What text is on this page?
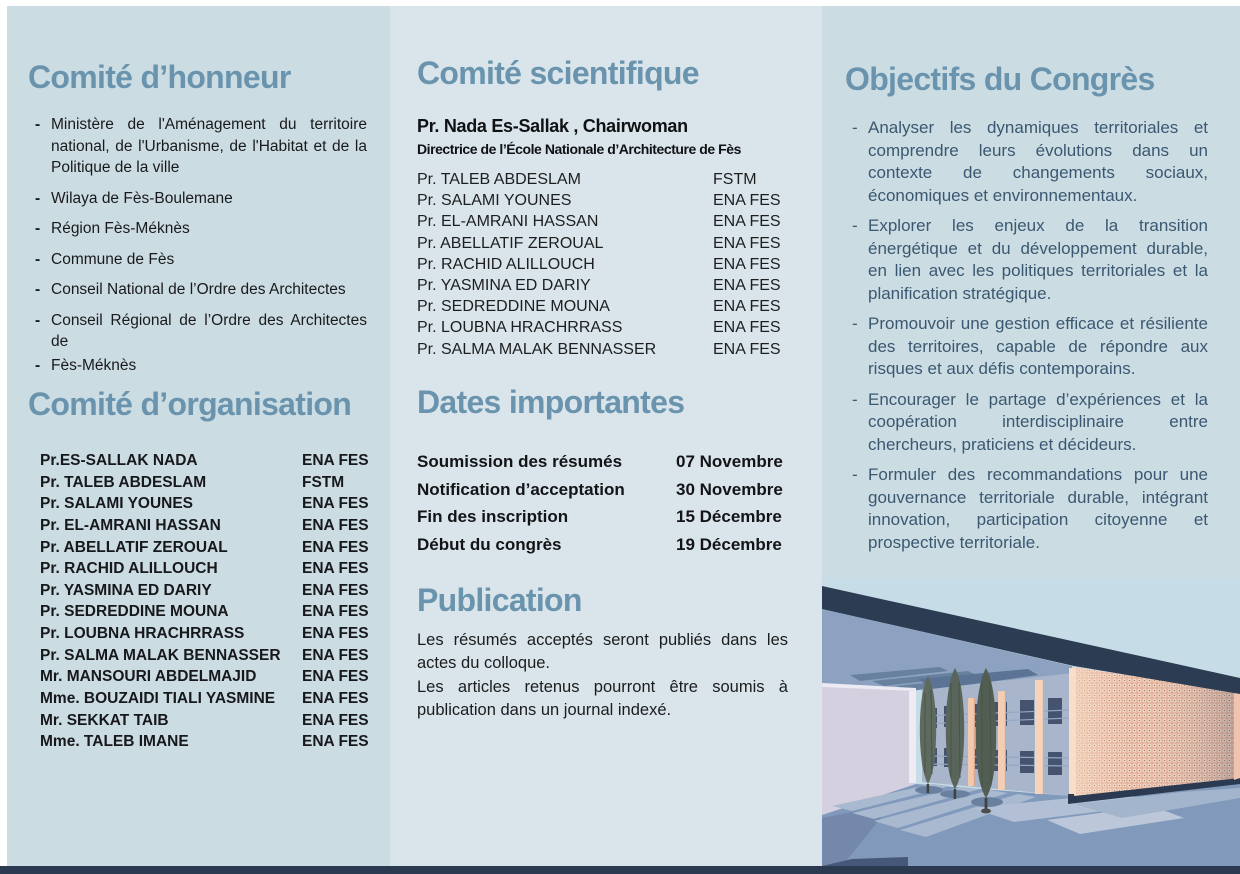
Comité d’honneur
- Ministère de l'Aménagement du territoire national, de l'Urbanisme, de l'Habitat et de la Politique de la ville
- Wilaya de Fès-Boulemane
- Région Fès-Méknès
- Commune de Fès
- Conseil National de l’Ordre des Architectes
- Conseil Régional de l’Ordre des Architectes de
- Fès-Méknès
Comité d’organisation
Pr.ES-SALLAK NADA	ENA FES
Pr. TALEB ABDESLAM	FSTM
Pr. SALAMI YOUNES	ENA FES
Pr. EL-AMRANI HASSAN	ENA FES
Pr. ABELLATIF ZEROUAL	ENA FES
Pr. RACHID ALILLOUCH	ENA FES
Pr. YASMINA ED DARIY	ENA FES
Pr. SEDREDDINE MOUNA	ENA FES
Pr. LOUBNA HRACHRRASS	ENA FES
Pr. SALMA MALAK BENNASSER ENA FES
Mr. MANSOURI ABDELMAJID	ENA FES
Mme. BOUZAIDI TIALI YASMINE ENA FES
Mr. SEKKAT TAIB	ENA FES
Mme. TALEB IMANE	ENA FES
Comité scientifique
Pr. Nada Es-Sallak , Chairwoman
Directrice de l’École Nationale d’Architecture de Fès
Pr. TALEB ABDESLAM	FSTM
Pr. SALAMI YOUNES	ENA FES
Pr. EL-AMRANI HASSAN	ENA FES
Pr. ABELLATIF ZEROUAL	ENA FES
Pr. RACHID ALILLOUCH	ENA FES
Pr. YASMINA ED DARIY	ENA FES
Pr. SEDREDDINE MOUNA	ENA FES
Pr. LOUBNA HRACHRRASS	ENA FES
Pr. SALMA MALAK BENNASSER	ENA FES
Dates importantes
Soumission des résumés	07 Novembre
Notification d’acceptation	30 Novembre
Fin des inscription	15 Décembre
Début du congrès	19 Décembre
Publication

Les résumés acceptés seront publiés dans les actes du colloque.

Les articles retenus pourront être soumis à publication dans un journal indexé.

Objectifs du Congrès
- Analyser les dynamiques territoriales et comprendre leurs évolutions dans un contexte de changements sociaux, économiques et environnementaux.
- Explorer les enjeux de la transition énergétique et du développement durable, en lien avec les politiques territoriales et la planification stratégique.
- Promouvoir une gestion efficace et résiliente des territoires, capable de répondre aux risques et aux défis contemporains.
- Encourager le partage d’expériences et la coopération interdisciplinaire entre chercheurs, praticiens et décideurs.
- Formuler des recommandations pour une gouvernance territoriale durable, intégrant innovation, participation citoyenne et prospective territoriale.
